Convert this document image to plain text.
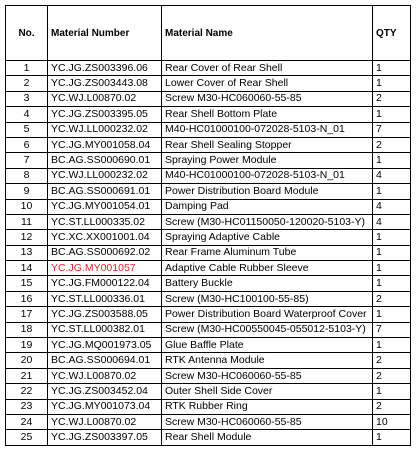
No.	Material Number	Material Name	QTY
1	YC.JG.ZS003396.06	Rear Cover of Rear Shell	1
2	YC.JG.ZS003443.08	Lower Cover of Rear Shell	1
3	YC.WJ.L00870.02	Screw M30-HC060060-55-85	2
4	YC.JG.ZS003395.05	Rear Shell Bottom Plate	1
5	YC.WJ.LL000232.02	M40-HC01000100-072028-5103-N_01	7
6	YC.JG.MY001058.04	Rear Shell Sealing Stopper	2
7	BC.AG.SS000690.01	Spraying Power Module	1
8	YC.WJ.LL000232.02	M40-HC01000100-072028-5103-N_01	4
9	BC.AG.SS000691.01	Power Distribution Board Module	1
10	YC.JG.MY001054.01	Damping Pad	4
11	YC.ST.LL000335.02	Screw (M30-HC01150050-120020-5103-Y)	4
12	YC.XC.XX001001.04	Spraying Adaptive Cable	1
13	BC.AG.SS000692.02	Rear Frame Aluminum Tube	1
14	YC.JG.MY001057	Adaptive Cable Rubber Sleeve	1
15	YC.JG.FM000122.04	Battery Buckle	1
16	YC.ST.LL000336.01	Screw (M30-HC100100-55-85)	2
17	YC.JG.ZS003588.05	Power Distribution Board Waterproof Cover	1
18	YC.ST.LL000382.01	Screw (M30-HC00550045-055012-5103-Y)	7
19	YC.JG.MQ001973.05	Glue Baffle Plate	1
20	BC.AG.SS000694.01	RTK Antenna Module	2
21	YC.WJ.L00870.02	Screw M30-HC060060-55-85	2
22	YC.JG.ZS003452.04	Outer Shell Side Cover	1
23	YC.JG.MY001073.04	RTK Rubber Ring	2
24	YC.WJ.L00870.02	Screw M30-HC060060-55-85	10
25	YC.JG.ZS003397.05	Rear Shell Module	1
